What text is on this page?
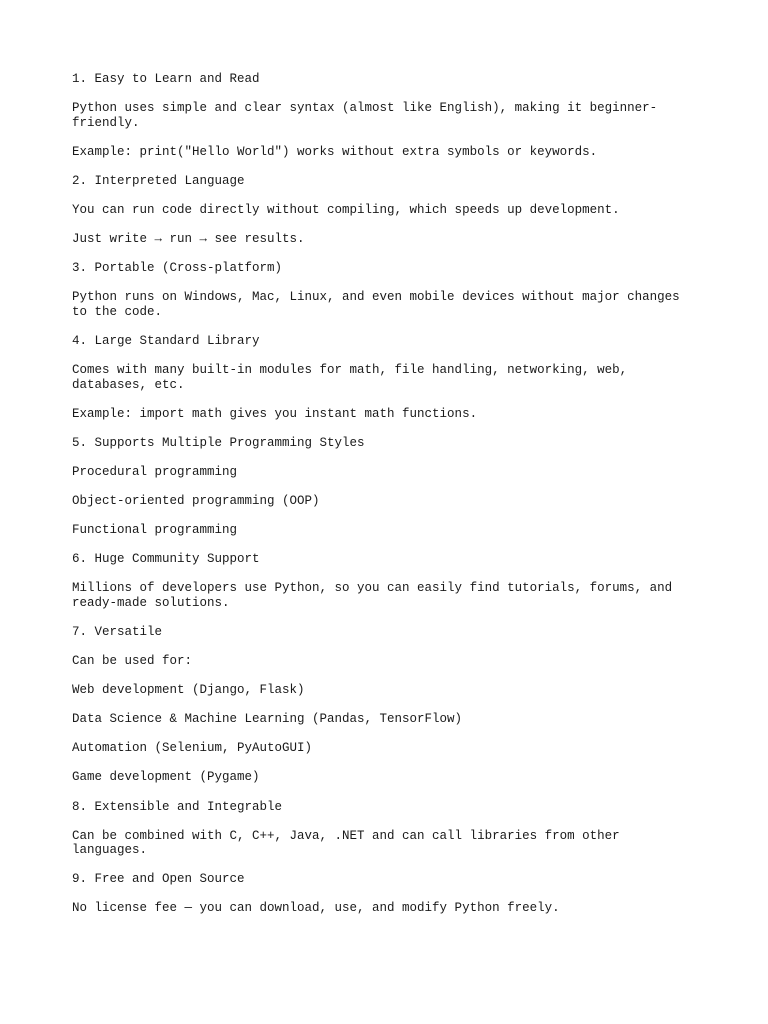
1. Easy to Learn and Read

Python uses simple and clear syntax (almost like English), making it beginner-
friendly.

Example: print("Hello World") works without extra symbols or keywords.

2. Interpreted Language

You can run code directly without compiling, which speeds up development.

Just write → run → see results.

3. Portable (Cross-platform)

Python runs on Windows, Mac, Linux, and even mobile devices without major changes
to the code.

4. Large Standard Library

Comes with many built-in modules for math, file handling, networking, web,
databases, etc.

Example: import math gives you instant math functions.

5. Supports Multiple Programming Styles

Procedural programming

Object-oriented programming (OOP)

Functional programming

6. Huge Community Support

Millions of developers use Python, so you can easily find tutorials, forums, and
ready-made solutions.

7. Versatile

Can be used for:

Web development (Django, Flask)

Data Science & Machine Learning (Pandas, TensorFlow)

Automation (Selenium, PyAutoGUI)

Game development (Pygame)

8. Extensible and Integrable

Can be combined with C, C++, Java, .NET and can call libraries from other
languages.

9. Free and Open Source

No license fee — you can download, use, and modify Python freely.
